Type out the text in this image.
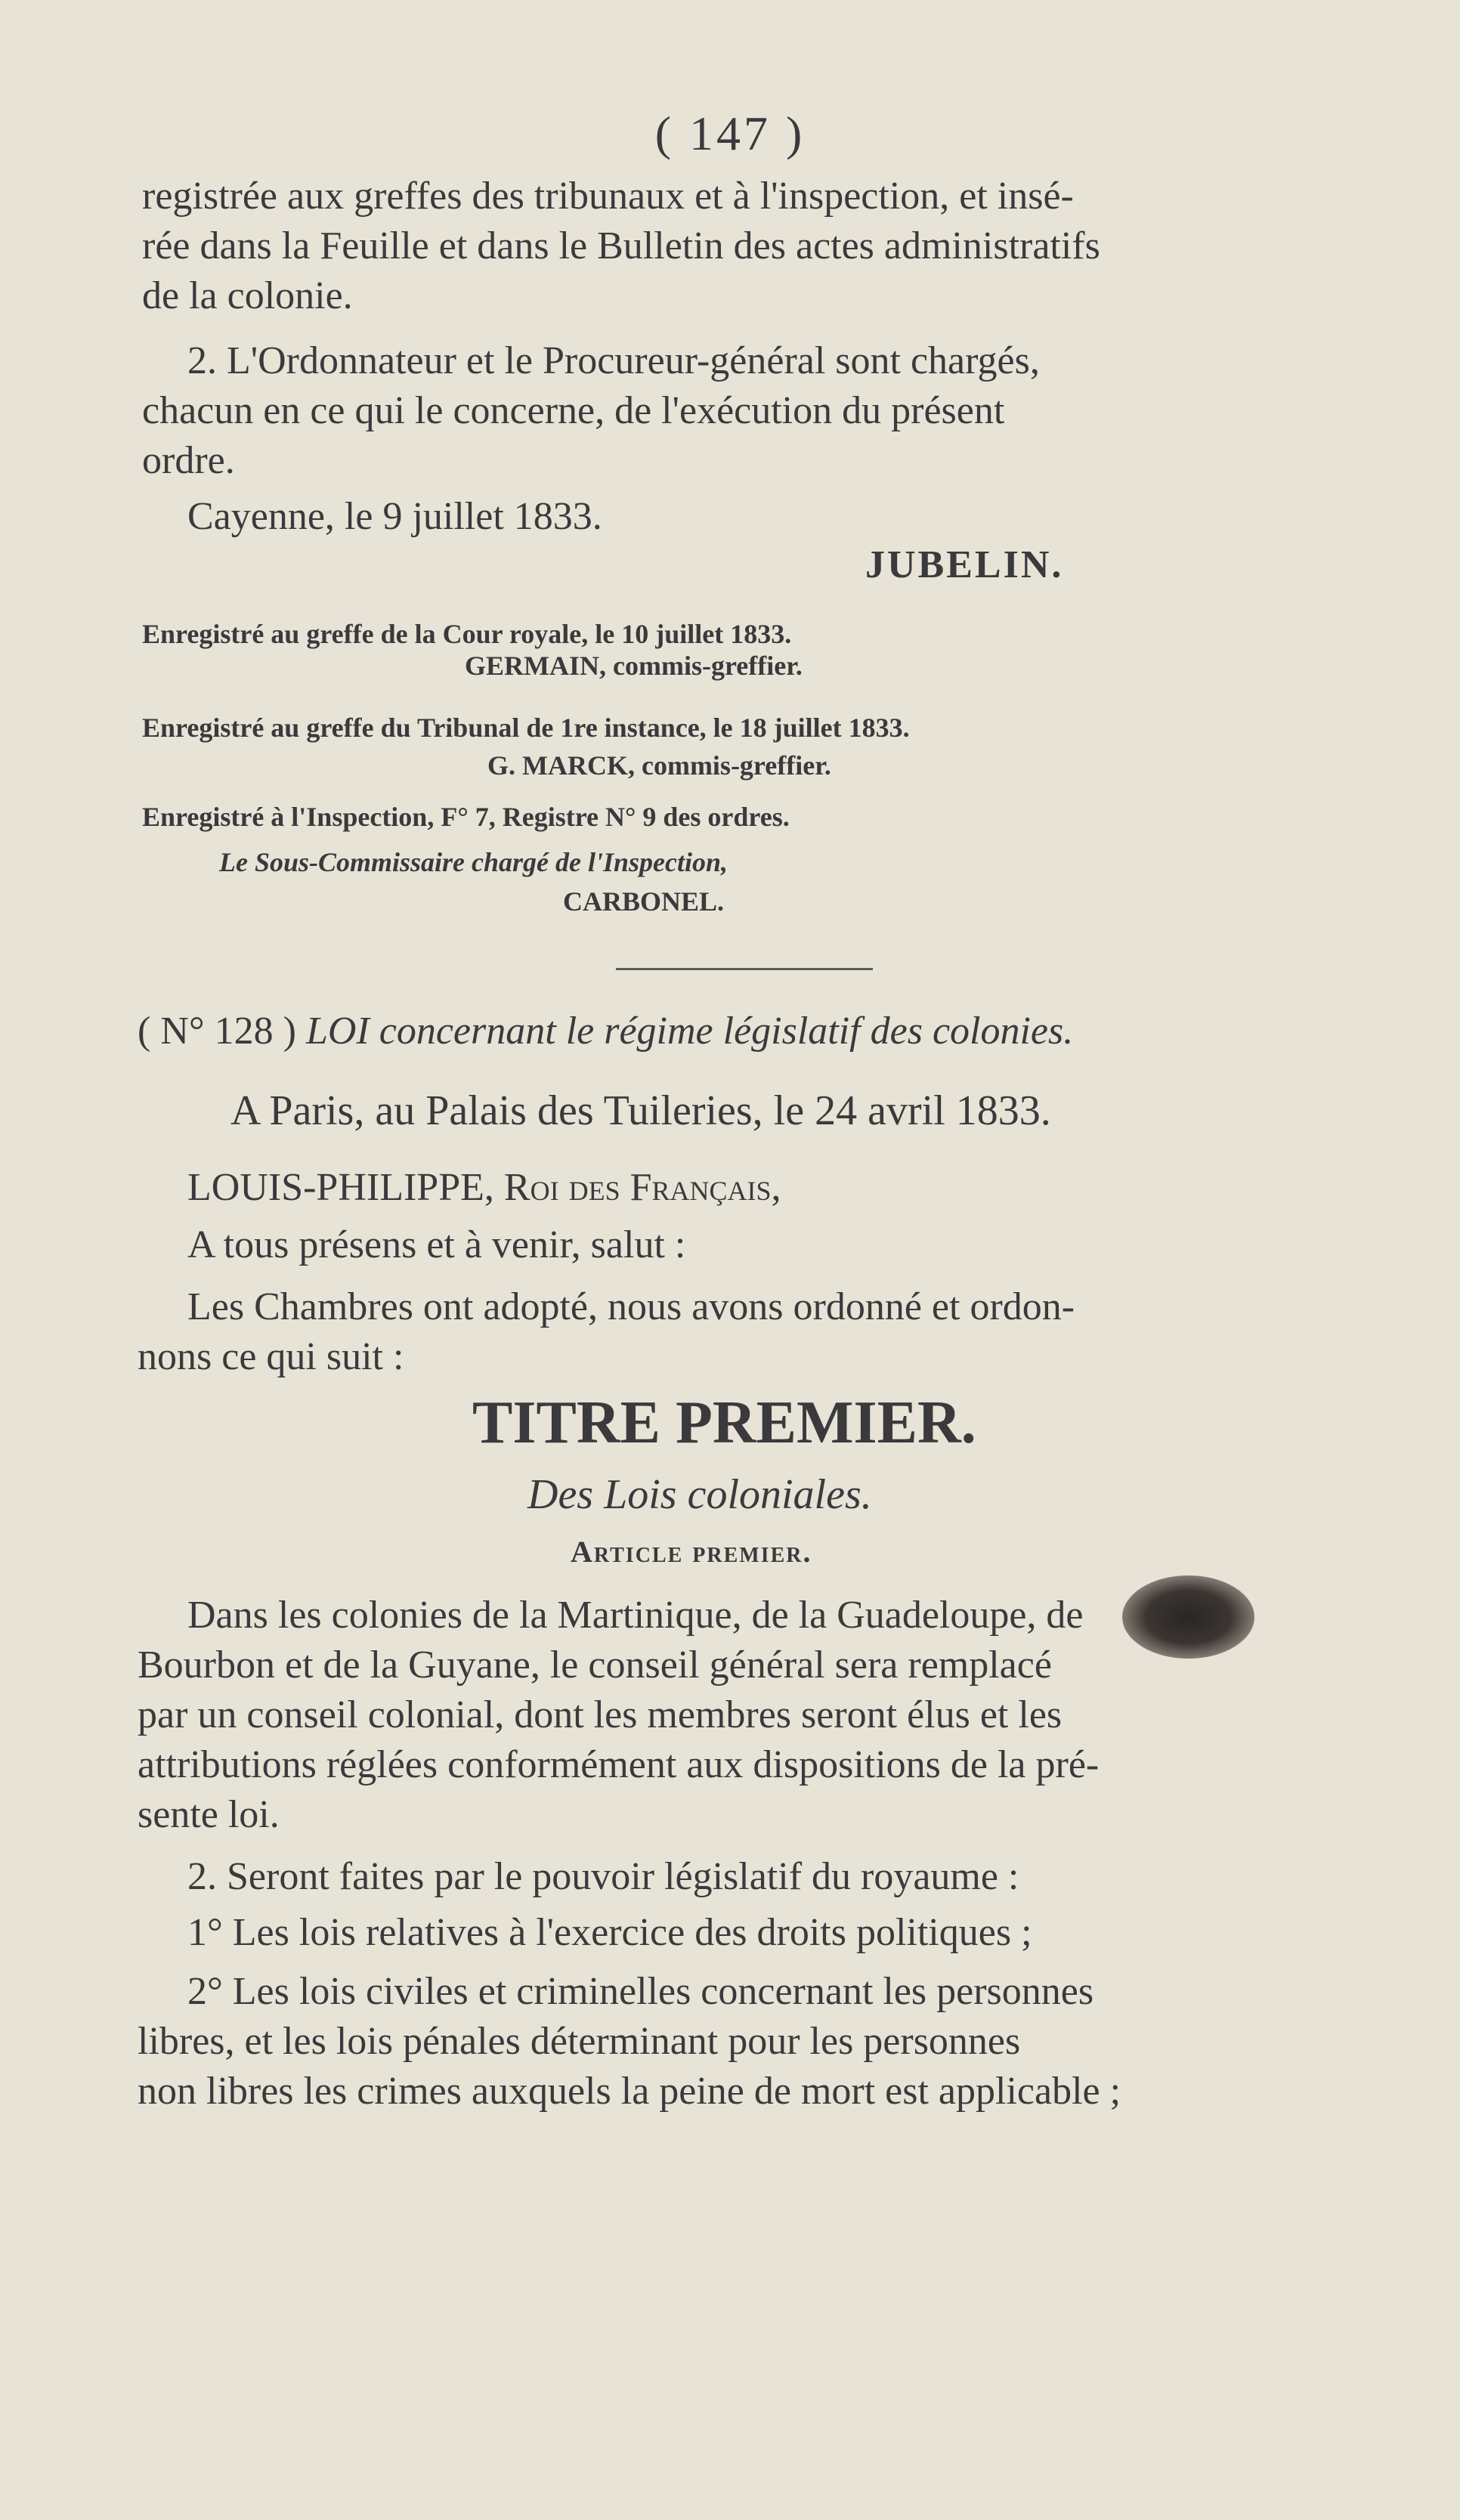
( 147 )

registrée aux greffes des tribunaux et à l'inspection, et insé-

rée dans la Feuille et dans le Bulletin des actes administratifs

de la colonie.

2. L'Ordonnateur et le Procureur-général sont chargés,

chacun en ce qui le concerne, de l'exécution du présent

ordre.

Cayenne, le 9 juillet 1833.

JUBELIN.

Enregistré au greffe de la Cour royale, le 10 juillet 1833.

GERMAIN, commis-greffier.

Enregistré au greffe du Tribunal de 1re instance, le 18 juillet 1833.

G. MARCK, commis-greffier.

Enregistré à l'Inspection, F° 7, Registre N° 9 des ordres.

Le Sous-Commissaire chargé de l'Inspection,

CARBONEL.

( N° 128 ) LOI concernant le régime législatif des colonies.

A Paris, au Palais des Tuileries, le 24 avril 1833.

LOUIS-PHILIPPE, Roi des Français,

A tous présens et à venir, salut :

Les Chambres ont adopté, nous avons ordonné et ordon-

nons ce qui suit :

TITRE PREMIER.

Des Lois coloniales.

Article premier.

Dans les colonies de la Martinique, de la Guadeloupe, de

Bourbon et de la Guyane, le conseil général sera remplacé

par un conseil colonial, dont les membres seront élus et les

attributions réglées conformément aux dispositions de la pré-

sente loi.

2. Seront faites par le pouvoir législatif du royaume :

1° Les lois relatives à l'exercice des droits politiques ;

2° Les lois civiles et criminelles concernant les personnes

libres, et les lois pénales déterminant pour les personnes

non libres les crimes auxquels la peine de mort est applicable ;
